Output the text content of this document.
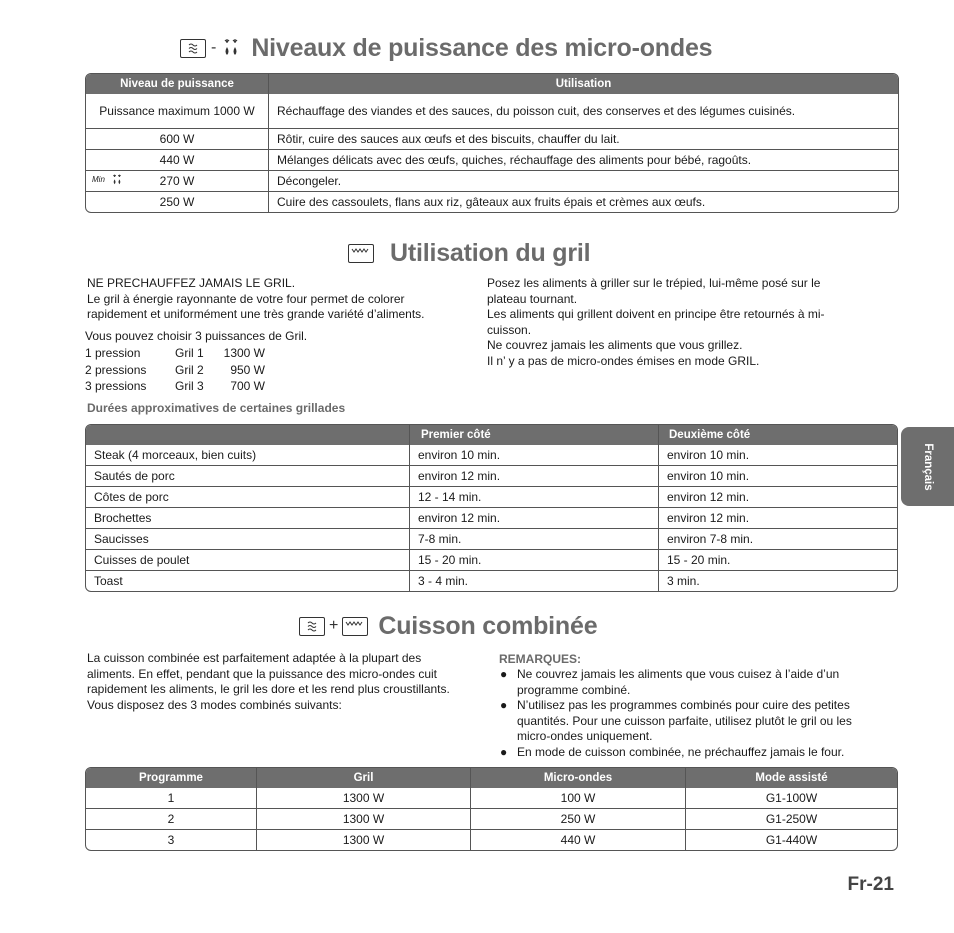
- Niveaux de puissance des micro-ondes
Niveau de puissance	Utilisation
Puissance maximum 1000 W	Réchauffage des viandes et des sauces, du poisson cuit, des conserves et des légumes cuisinés.
600 W	Rôtir, cuire des sauces aux œufs et des biscuits, chauffer du lait.
440 W	Mélanges délicats avec des œufs, quiches, réchauffage des aliments pour bébé, ragoûts.

Min 270 W	Décongeler.
250 W	Cuire des cassoulets, flans aux riz, gâteaux aux fruits épais et crèmes aux œufs.
Utilisation du gril
NE PRECHAUFFEZ JAMAIS LE GRIL.
Le gril à énergie rayonnante de votre four permet de colorer
rapidement et uniformément une très grande variété d’aliments.
Vous pouvez choisir 3 puissances de Gril.
1 pression	Gril 1 1300 W
2 pressions Gril 2 950 W
3 pressions Gril 3 700 W
Posez les aliments à griller sur le trépied, lui-même posé sur le
plateau tournant.
Les aliments qui grillent doivent en principe être retournés à mi-
cuisson.
Ne couvrez jamais les aliments que vous grillez.
Il n’ y a pas de micro-ondes émises en mode GRIL.
Durées approximatives de certaines grillades
	Premier côté	Deuxième côté
Steak (4 morceaux, bien cuits)	environ 10 min.	environ 10 min.
Sautés de porc	environ 12 min.	environ 10 min.
Côtes de porc	12 - 14 min.	environ 12 min.
Brochettes	environ 12 min.	environ 12 min.
Saucisses	7-8 min.	environ 7-8 min.
Cuisses de poulet	15 - 20 min.	15 - 20 min.
Toast	3 - 4 min.	3 min.
+ Cuisson combinée
La cuisson combinée est parfaitement adaptée à la plupart des
aliments. En effet, pendant que la puissance des micro-ondes cuit
rapidement les aliments, le gril les dore et les rend plus croustillants.
Vous disposez des 3 modes combinés suivants:
REMARQUES:
● Ne couvrez jamais les aliments que vous cuisez à l’aide d’un
programme combiné.
● N’utilisez pas les programmes combinés pour cuire des petites
quantités. Pour une cuisson parfaite, utilisez plutôt le gril ou les
micro-ondes uniquement.
● En mode de cuisson combinée, ne préchauffez jamais le four.
Programme	Gril	Micro-ondes	Mode assisté
1	1300 W	100 W	G1-100W
2	1300 W	250 W	G1-250W
3	1300 W	440 W	G1-440W
Français
Fr-21
